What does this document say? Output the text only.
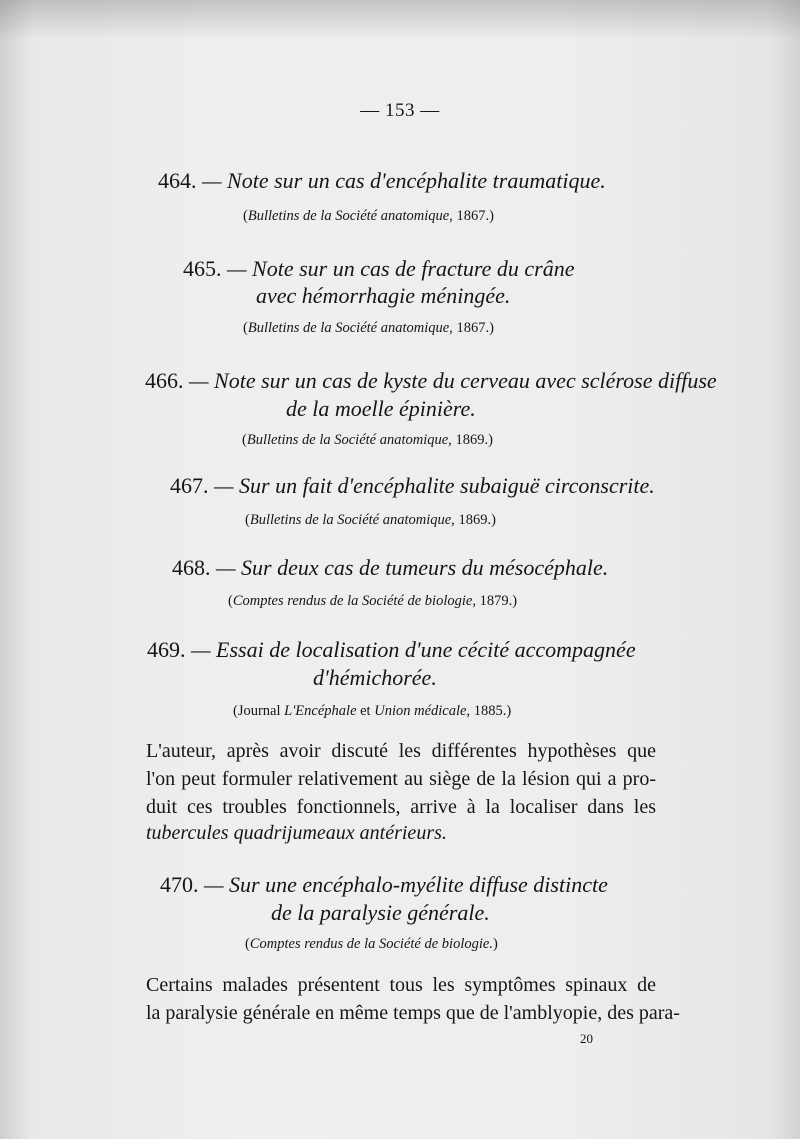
— 153 —
464. — Note sur un cas d'encéphalite traumatique.
(Bulletins de la Société anatomique, 1867.)
465. — Note sur un cas de fracture du crâne
avec hémorrhagie méningée.
(Bulletins de la Société anatomique, 1867.)
466. — Note sur un cas de kyste du cerveau avec sclérose diffuse
de la moelle épinière.
(Bulletins de la Société anatomique, 1869.)
467. — Sur un fait d'encéphalite subaiguë circonscrite.
(Bulletins de la Société anatomique, 1869.)
468. — Sur deux cas de tumeurs du mésocéphale.
(Comptes rendus de la Société de biologie, 1879.)
469. — Essai de localisation d'une cécité accompagnée
d'hémichorée.
(Journal L'Encéphale et Union médicale, 1885.)
L'auteur, après avoir discuté les différentes hypothèses que
l'on peut formuler relativement au siège de la lésion qui a pro-
duit ces troubles fonctionnels, arrive à la localiser dans les
tubercules quadrijumeaux antérieurs.
470. — Sur une encéphalo-myélite diffuse distincte
de la paralysie générale.
(Comptes rendus de la Société de biologie.)
Certains malades présentent tous les symptômes spinaux de
la paralysie générale en même temps que de l'amblyopie, des para-
20
